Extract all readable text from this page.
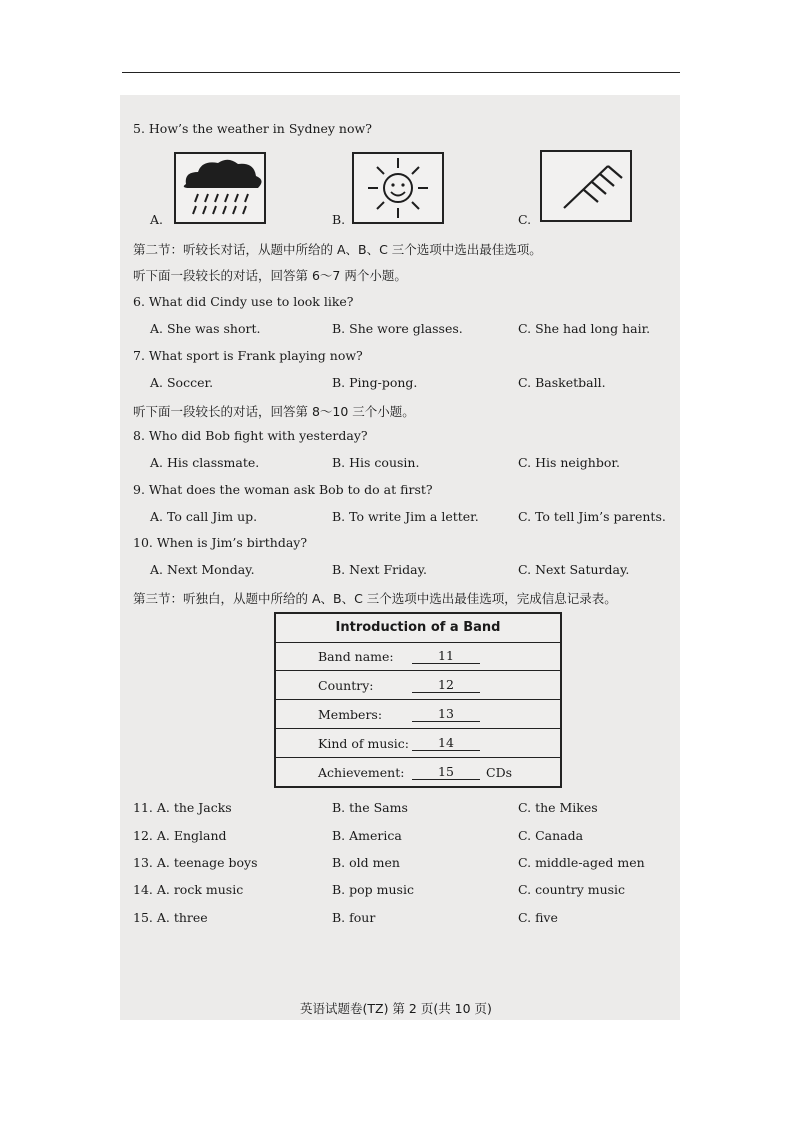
5. How’s the weather in Sydney now?
A.	B.	C.
第二节：听较长对话，从题中所给的 A、B、C 三个选项中选出最佳选项。
听下面一段较长的对话，回答第 6～7 两个小题。
6. What did Cindy use to look like?
A. She was short.	B. She wore glasses.	C. She had long hair.
7. What sport is Frank playing now?
A. Soccer.	B. Ping-pong.	C. Basketball.
听下面一段较长的对话，回答第 8～10 三个小题。
8. Who did Bob fight with yesterday?
A. His classmate.	B. His cousin.	C. His neighbor.
9. What does the woman ask Bob to do at first?
A. To call Jim up.	B. To write Jim a letter.	C. To tell Jim’s parents.
10. When is Jim’s birthday?
A. Next Monday.	B. Next Friday.	C. Next Saturday.
第三节：听独白，从题中所给的 A、B、C 三个选项中选出最佳选项，完成信息记录表。
Introduction of a Band
Band name:	11
Country:	12
Members:	13
Kind of music:	14
Achievement:	15	CDs
11. A. the Jacks	B. the Sams	C. the Mikes
12. A. England	B. America	C. Canada
13. A. teenage boys	B. old men	C. middle-aged men
14. A. rock music	B. pop music	C. country music
15. A. three	B. four	C. five
英语试题卷(TZ) 第 2 页(共 10 页)
